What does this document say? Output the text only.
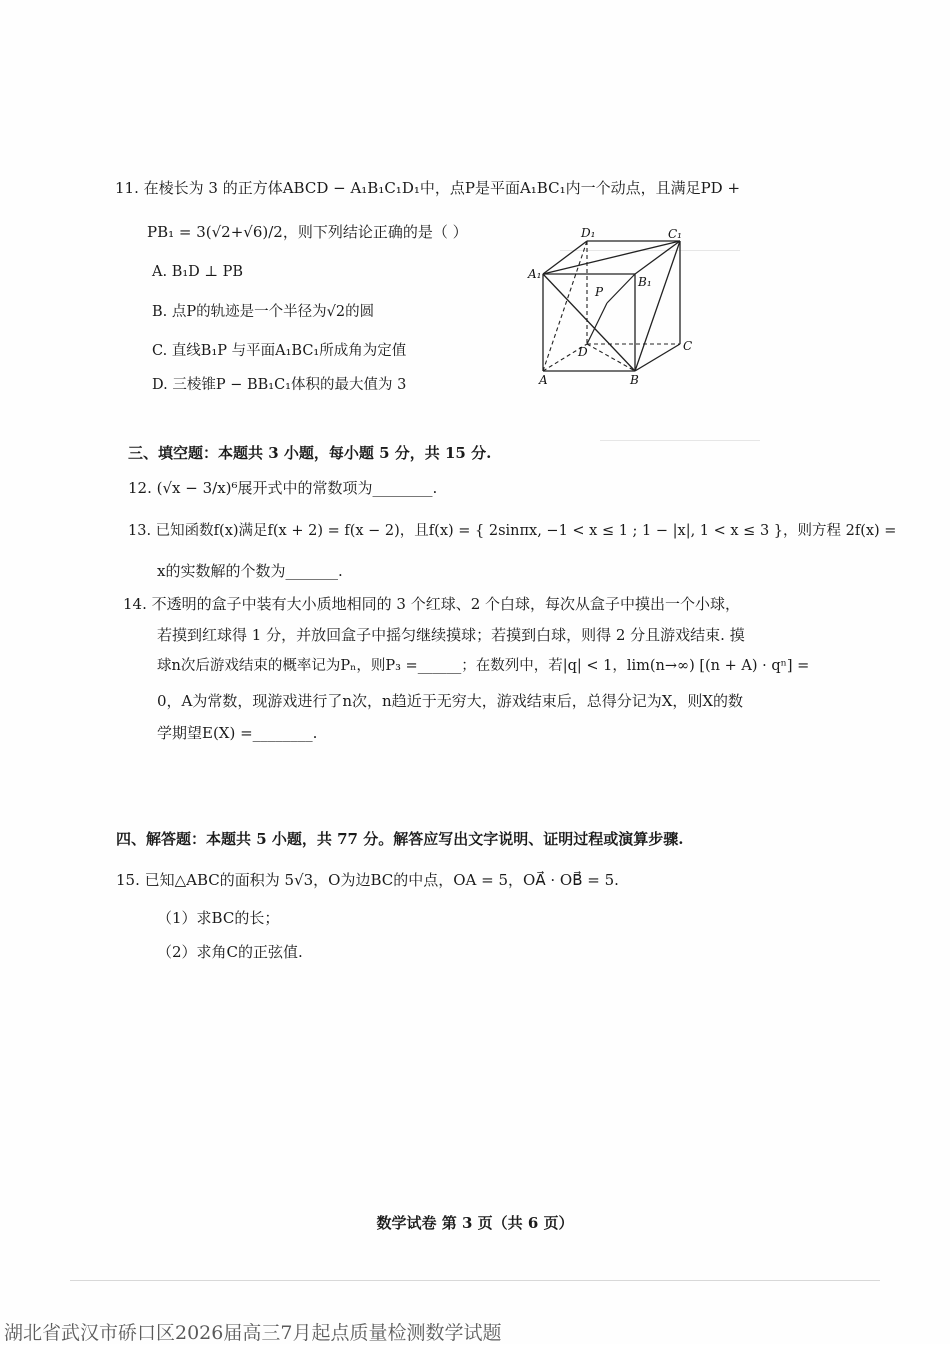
11. 在棱长为 3 的正方体ABCD − A₁B₁C₁D₁中，点P是平面A₁BC₁内一个动点，且满足PD +
PB₁ = 3(√2+√6)/2，则下列结论正确的是（ ）
A. B₁D ⊥ PB
B. 点P的轨迹是一个半径为√2的圆
C. 直线B₁P 与平面A₁BC₁所成角为定值
D. 三棱锥P − BB₁C₁体积的最大值为 3
D₁	C₁
A₁
B₁
P
D	C
A	B
三、填空题：本题共 3 小题，每小题 5 分，共 15 分.
12. (√x − 3/x)⁶展开式中的常数项为________.
13. 已知函数f(x)满足f(x + 2) = f(x − 2)，且f(x) = { 2sinπx, −1 < x ≤ 1 ; 1 − |x|, 1 < x ≤ 3 }，则方程 2f(x) =
x的实数解的个数为_______.
14. 不透明的盒子中装有大小质地相同的 3 个红球、2 个白球，每次从盒子中摸出一个小球，
若摸到红球得 1 分，并放回盒子中摇匀继续摸球；若摸到白球，则得 2 分且游戏结束. 摸
球n次后游戏结束的概率记为Pₙ，则P₃ =______；在数列中，若|q| < 1，lim(n→∞) [(n + A) · qⁿ] =
0，A为常数，现游戏进行了n次，n趋近于无穷大，游戏结束后，总得分记为X，则X的数
学期望E(X) =________.
四、解答题：本题共 5 小题，共 77 分。解答应写出文字说明、证明过程或演算步骤.
15. 已知△ABC的面积为 5√3，O为边BC的中点，OA = 5，OA⃗ · OB⃗ = 5.
（1）求BC的长；
（2）求角C的正弦值.
数学试卷 第 3 页（共 6 页）
湖北省武汉市硚口区2026届高三7月起点质量检测数学试题
